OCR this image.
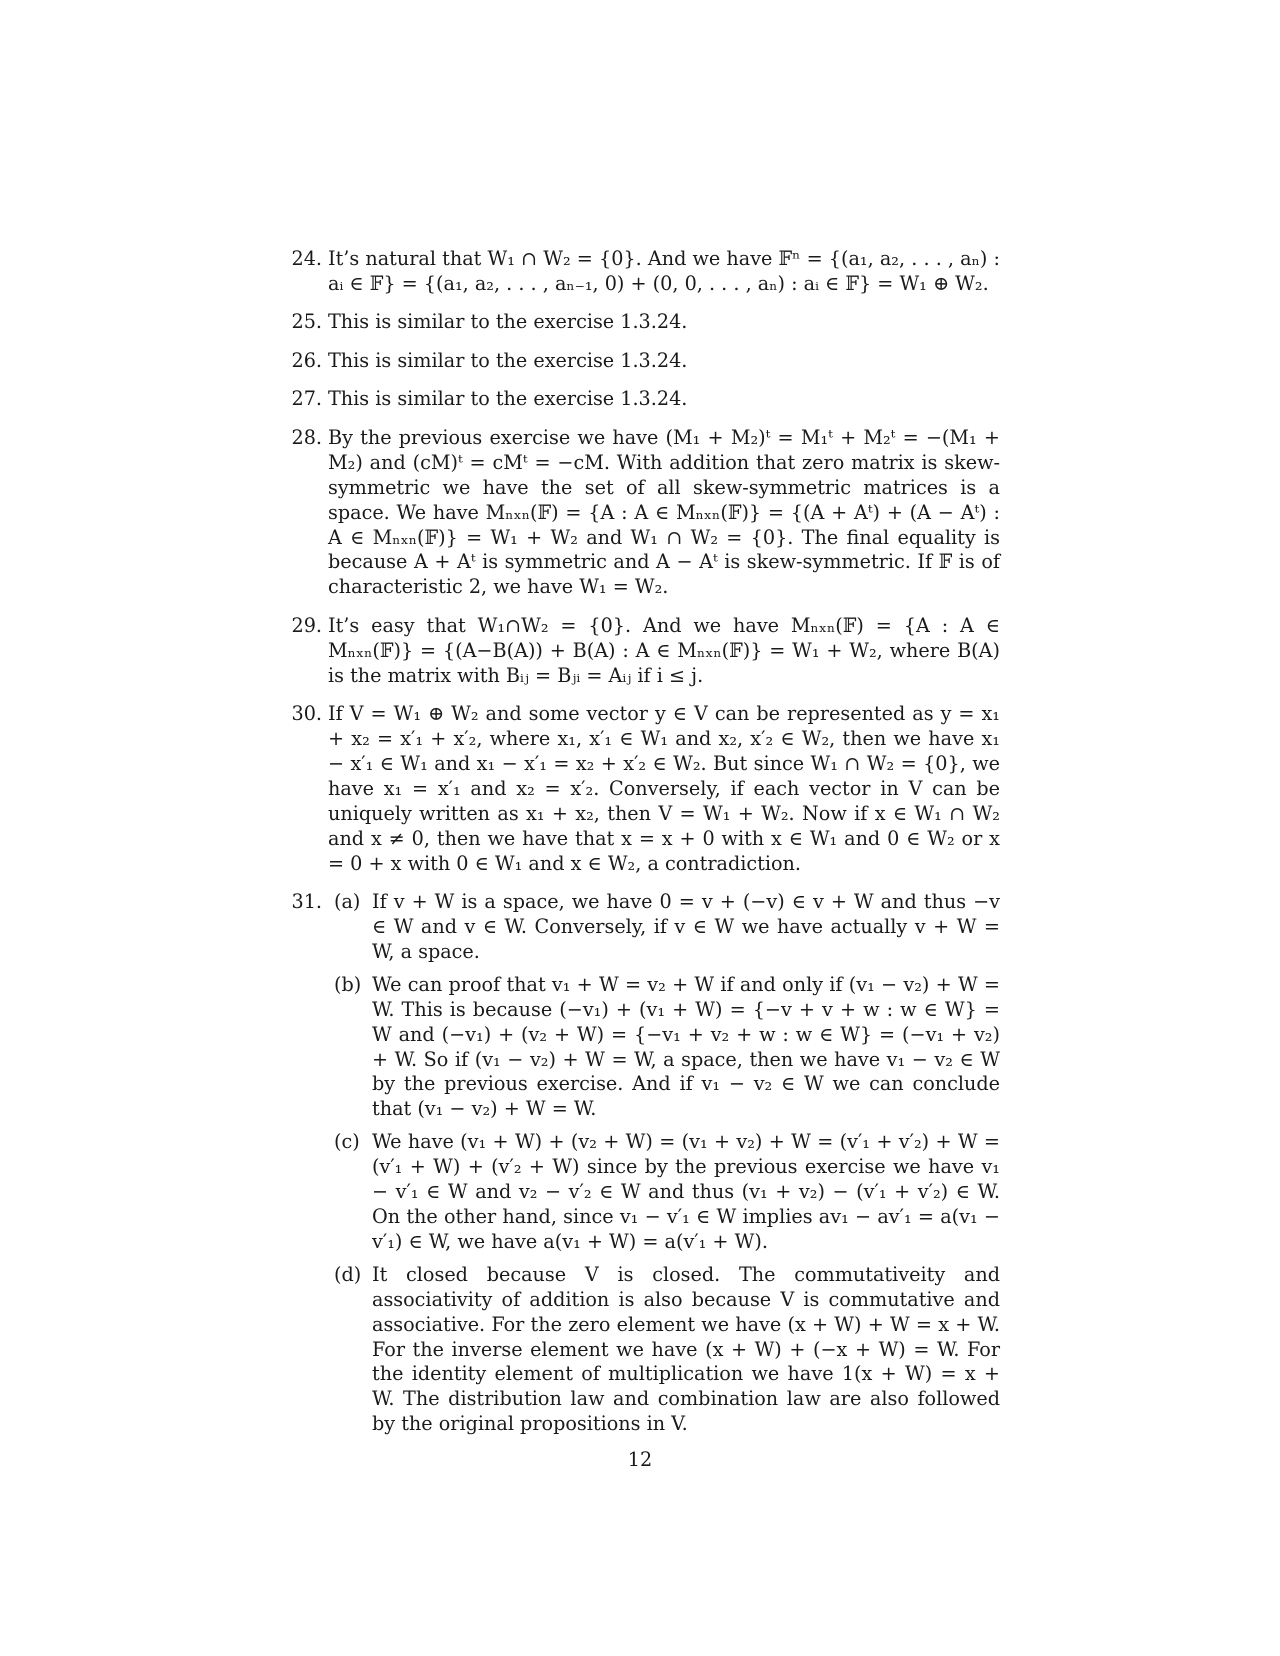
24. It’s natural that W₁ ∩ W₂ = {0}. And we have 𝔽ⁿ = {(a₁, a₂, . . . , aₙ) : aᵢ ∈ 𝔽} = {(a₁, a₂, . . . , aₙ₋₁, 0) + (0, 0, . . . , aₙ) : aᵢ ∈ 𝔽} = W₁ ⊕ W₂.
25. This is similar to the exercise 1.3.24.
26. This is similar to the exercise 1.3.24.
27. This is similar to the exercise 1.3.24.
28. By the previous exercise we have (M₁ + M₂)ᵗ = M₁ᵗ + M₂ᵗ = −(M₁ + M₂) and (cM)ᵗ = cMᵗ = −cM. With addition that zero matrix is skew-symmetric we have the set of all skew-symmetric matrices is a space. We have Mₙₓₙ(𝔽) = {A : A ∈ Mₙₓₙ(𝔽)} = {(A + Aᵗ) + (A − Aᵗ) : A ∈ Mₙₓₙ(𝔽)} = W₁ + W₂ and W₁ ∩ W₂ = {0}. The final equality is because A + Aᵗ is symmetric and A − Aᵗ is skew-symmetric. If 𝔽 is of characteristic 2, we have W₁ = W₂.
29. It’s easy that W₁∩W₂ = {0}. And we have Mₙₓₙ(𝔽) = {A : A ∈ Mₙₓₙ(𝔽)} = {(A−B(A)) + B(A) : A ∈ Mₙₓₙ(𝔽)} = W₁ + W₂, where B(A) is the matrix with Bᵢⱼ = Bⱼᵢ = Aᵢⱼ if i ≤ j.
30. If V = W₁ ⊕ W₂ and some vector y ∈ V can be represented as y = x₁ + x₂ = x′₁ + x′₂, where x₁, x′₁ ∈ W₁ and x₂, x′₂ ∈ W₂, then we have x₁ − x′₁ ∈ W₁ and x₁ − x′₁ = x₂ + x′₂ ∈ W₂. But since W₁ ∩ W₂ = {0}, we have x₁ = x′₁ and x₂ = x′₂. Conversely, if each vector in V can be uniquely written as x₁ + x₂, then V = W₁ + W₂. Now if x ∈ W₁ ∩ W₂ and x ≠ 0, then we have that x = x + 0 with x ∈ W₁ and 0 ∈ W₂ or x = 0 + x with 0 ∈ W₁ and x ∈ W₂, a contradiction.
31. (a) If v + W is a space, we have 0 = v + (−v) ∈ v + W and thus −v ∈ W and v ∈ W. Conversely, if v ∈ W we have actually v + W = W, a space.
(b) We can proof that v₁ + W = v₂ + W if and only if (v₁ − v₂) + W = W. This is because (−v₁) + (v₁ + W) = {−v + v + w : w ∈ W} = W and (−v₁) + (v₂ + W) = {−v₁ + v₂ + w : w ∈ W} = (−v₁ + v₂) + W. So if (v₁ − v₂) + W = W, a space, then we have v₁ − v₂ ∈ W by the previous exercise. And if v₁ − v₂ ∈ W we can conclude that (v₁ − v₂) + W = W.
(c) We have (v₁ + W) + (v₂ + W) = (v₁ + v₂) + W = (v′₁ + v′₂) + W = (v′₁ + W) + (v′₂ + W) since by the previous exercise we have v₁ − v′₁ ∈ W and v₂ − v′₂ ∈ W and thus (v₁ + v₂) − (v′₁ + v′₂) ∈ W. On the other hand, since v₁ − v′₁ ∈ W implies av₁ − av′₁ = a(v₁ − v′₁) ∈ W, we have a(v₁ + W) = a(v′₁ + W).
(d) It closed because V is closed. The commutativeity and associativity of addition is also because V is commutative and associative. For the zero element we have (x + W) + W = x + W. For the inverse element we have (x + W) + (−x + W) = W. For the identity element of multiplication we have 1(x + W) = x + W. The distribution law and combination law are also followed by the original propositions in V.
12
